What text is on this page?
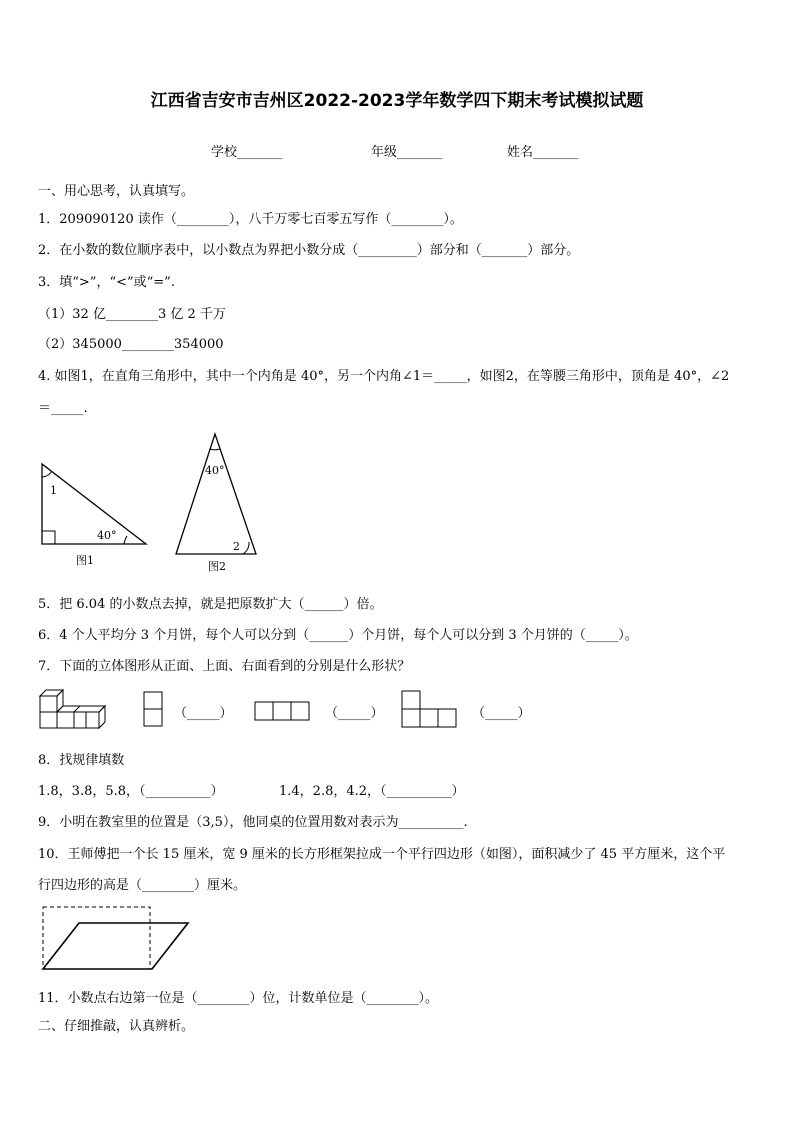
江西省吉安市吉州区2022-2023学年数学四下期末考试模拟试题
学校_______	年级_______	姓名_______
一、用心思考，认真填写。
1．209090120 读作（________），八千万零七百零五写作（________）。
2．在小数的数位顺序表中，以小数点为界把小数分成（_________）部分和（_______）部分。
3．填“>”，“<”或“=”.
（1）32 亿________3 亿 2 千万
（2）345000________354000
4. 如图1，在直角三角形中，其中一个内角是 40°，另一个内角∠1＝_____，如图2，在等腰三角形中，顶角是 40°，∠2
＝_____.
1
40°
图1
40°
2
图2
5．把 6.04 的小数点去掉，就是把原数扩大（______）倍。
6．4 个人平均分 3 个月饼，每个人可以分到（______）个月饼，每个人可以分到 3 个月饼的（_____）。
7．下面的立体图形从正面、上面、右面看到的分别是什么形状？
（_____）	（_____）	（_____）
8．找规律填数
1.8，3.8，5.8，（__________）	1.4，2.8，4.2，（__________）
9．小明在教室里的位置是（3,5），他同桌的位置用数对表示为__________.
10．王师傅把一个长 15 厘米，宽 9 厘米的长方形框架拉成一个平行四边形（如图），面积减少了 45 平方厘米，这个平
行四边形的高是（________）厘米。
11．小数点右边第一位是（________）位，计数单位是（________）。
二、仔细推敲，认真辨析。
